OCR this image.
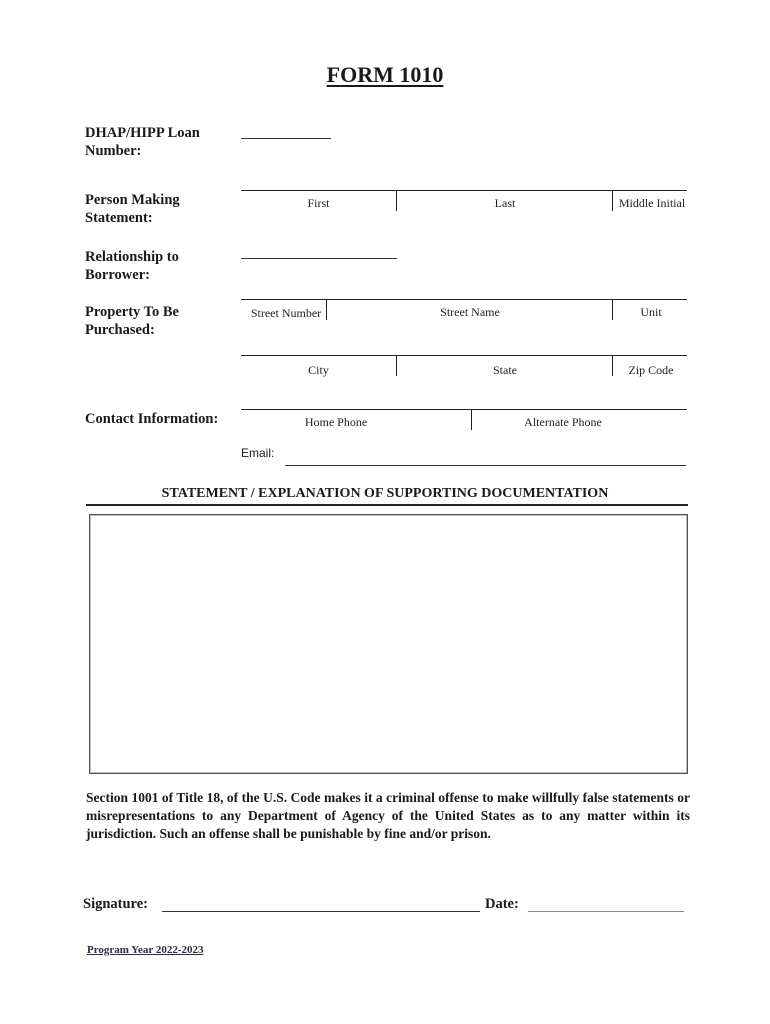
FORM 1010
DHAP/HIPP Loan Number:
Person Making Statement:
First	Last	Middle Initial
Relationship to Borrower:
Property To Be Purchased:
Street Number	Street Name	Unit
City	State	Zip Code
Contact Information:	Home Phone	Alternate Phone
Email:
STATEMENT / EXPLANATION OF SUPPORTING DOCUMENTATION
Section 1001 of Title 18, of the U.S. Code makes it a criminal offense to make willfully false statements or misrepresentations to any Department of Agency of the United States as to any matter within its jurisdiction. Such an offense shall be punishable by fine and/or prison.
Signature:	Date:
Program Year 2022-2023
